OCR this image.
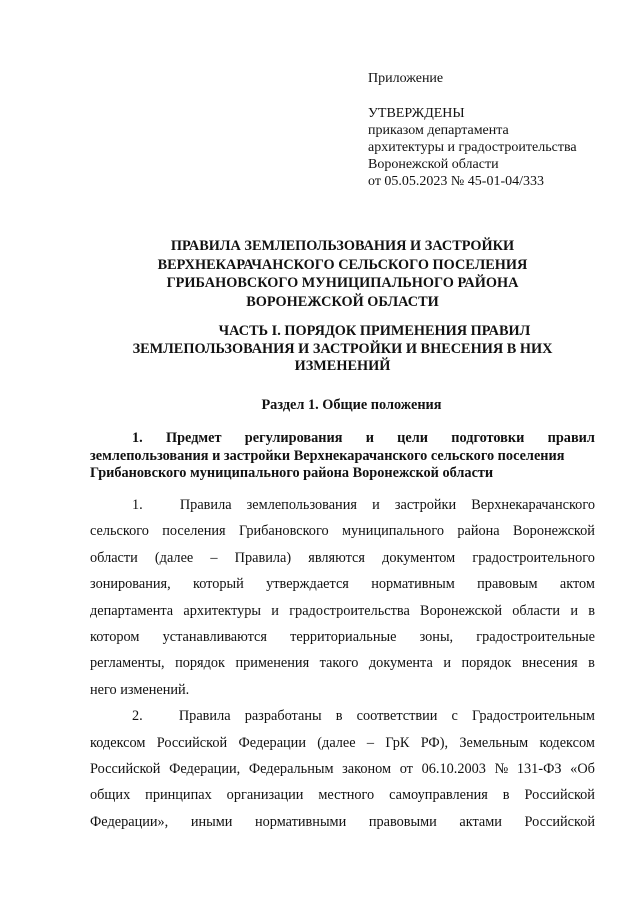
Приложение
УТВЕРЖДЕНЫ
приказом департамента
архитектуры и градостроительства
Воронежской области
от 05.05.2023 № 45-01-04/333
ПРАВИЛА ЗЕМЛЕПОЛЬЗОВАНИЯ И ЗАСТРОЙКИ
ВЕРХНЕКАРАЧАНСКОГО СЕЛЬСКОГО ПОСЕЛЕНИЯ
ГРИБАНОВСКОГО МУНИЦИПАЛЬНОГО РАЙОНА
ВОРОНЕЖСКОЙ ОБЛАСТИ
ЧАСТЬ I. ПОРЯДОК ПРИМЕНЕНИЯ ПРАВИЛ
ЗЕМЛЕПОЛЬЗОВАНИЯ И ЗАСТРОЙКИ И ВНЕСЕНИЯ В НИХ
ИЗМЕНЕНИЙ
Раздел 1. Общие положения
1. Предмет регулирования и цели подготовки правил
землепользования и застройки Верхнекарачанского сельского поселения
Грибановского муниципального района Воронежской области
1.	Правила землепользования и застройки Верхнекарачанского
сельского поселения Грибановского муниципального района Воронежской
области (далее – Правила) являются документом градостроительного
зонирования, который утверждается нормативным правовым актом
департамента архитектуры и градостроительства Воронежской области и в
котором устанавливаются территориальные зоны, градостроительные
регламенты, порядок применения такого документа и порядок внесения в
него изменений.
2.	Правила разработаны в соответствии с Градостроительным
кодексом Российской Федерации (далее – ГрК РФ), Земельным кодексом
Российской Федерации, Федеральным законом от 06.10.2003 № 131-ФЗ «Об
общих принципах организации местного самоуправления в Российской
Федерации», иными нормативными правовыми актами Российской
